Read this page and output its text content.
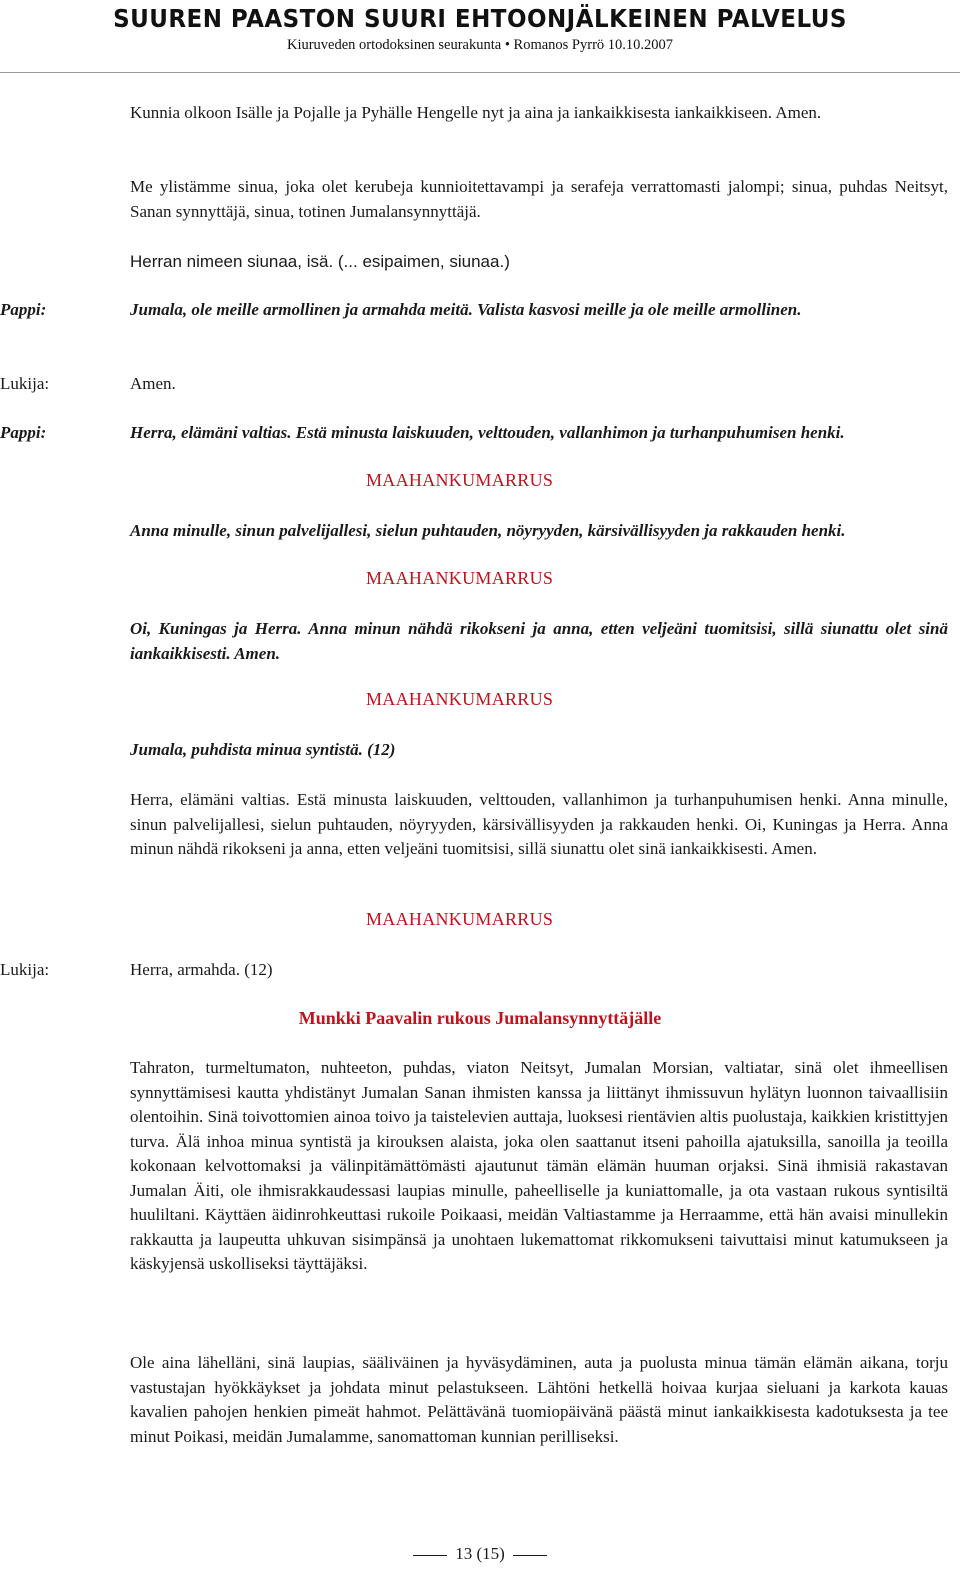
SUUREN PAASTON SUURI EHTOONJÄLKEINEN PALVELUS
Kiuruveden ortodoksinen seurakunta • Romanos Pyrrö 10.10.2007
Kunnia olkoon Isälle ja Pojalle ja Pyhälle Hengelle nyt ja aina ja iankaikkisesta iankaikkiseen. Amen.
Me ylistämme sinua, joka olet kerubeja kunnioitettavampi ja serafeja verrattomasti jalompi; sinua, puhdas Neitsyt, Sanan synnyttäjä, sinua, totinen Jumalansynnyttäjä.
Herran nimeen siunaa, isä. (... esipaimen, siunaa.)
Pappi:	Jumala, ole meille armollinen ja armahda meitä. Valista kasvosi meille ja ole meille armollinen.
Lukija:	Amen.
Pappi:	Herra, elämäni valtias. Estä minusta laiskuuden, velttouden, vallanhimon ja turhanpuhumisen henki.
MAAHANKUMARRUS
Anna minulle, sinun palvelijallesi, sielun puhtauden, nöyryyden, kärsivällisyyden ja rakkauden henki.
MAAHANKUMARRUS
Oi, Kuningas ja Herra. Anna minun nähdä rikokseni ja anna, etten veljeäni tuomitsisi, sillä siunattu olet sinä iankaikkisesti. Amen.
MAAHANKUMARRUS
Jumala, puhdista minua syntistä. (12)
Herra, elämäni valtias. Estä minusta laiskuuden, velttouden, vallanhimon ja turhanpuhumisen henki. Anna minulle, sinun palvelijallesi, sielun puhtauden, nöyryyden, kärsivällisyyden ja rakkauden henki. Oi, Kuningas ja Herra. Anna minun nähdä rikokseni ja anna, etten veljeäni tuomitsisi, sillä siunattu olet sinä iankaikkisesti. Amen.
MAAHANKUMARRUS
Lukija:	Herra, armahda. (12)
Munkki Paavalin rukous Jumalansynnyttäjälle
Tahraton, turmeltumaton, nuhteeton, puhdas, viaton Neitsyt, Jumalan Morsian, valtiatar, sinä olet ihmeellisen synnyttämisesi kautta yhdistänyt Jumalan Sanan ihmisten kanssa ja liittänyt ihmissuvun hylätyn luonnon taivaallisiin olentoihin. Sinä toivottomien ainoa toivo ja taistelevien auttaja, luoksesi rientävien altis puolustaja, kaikkien kristittyjen turva. Älä inhoa minua syntistä ja kirouksen alaista, joka olen saattanut itseni pahoilla ajatuksilla, sanoilla ja teoilla kokonaan kelvottomaksi ja välinpitämättömästi ajautunut tämän elämän huuman orjaksi. Sinä ihmisiä rakastavan Jumalan Äiti, ole ihmisrakkaudessasi laupias minulle, paheelliselle ja kuniattomalle, ja ota vastaan rukous syntisiltä huuliltani. Käyttäen äidinrohkeuttasi rukoile Poikaasi, meidän Valtiastamme ja Herraamme, että hän avaisi minullekin rakkautta ja laupeutta uhkuvan sisimpänsä ja unohtaen lukemattomat rikkomukseni taivuttaisi minut katumukseen ja käskyjensä uskolliseksi täyttäjäksi.
Ole aina lähelläni, sinä laupias, sääliväinen ja hyväsydäminen, auta ja puolusta minua tämän elämän aikana, torju vastustajan hyökkäykset ja johdata minut pelastukseen. Lähtöni hetkellä hoivaa kurjaa sieluani ja karkota kauas kavalien pahojen henkien pimeät hahmot. Pelättävänä tuomiopäivänä päästä minut iankaikkisesta kadotuksesta ja tee minut Poikasi, meidän Jumalamme, sanomattoman kunnian perilliseksi.
13 (15)
